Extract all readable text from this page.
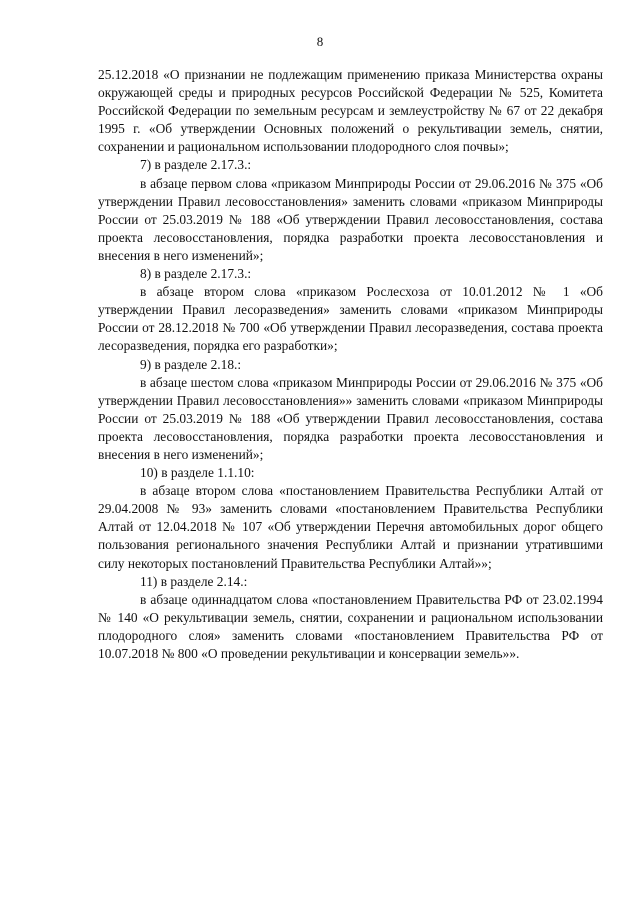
8

25.12.2018 «О признании не подлежащим применению приказа Министерства охраны окружающей среды и природных ресурсов Российской Федерации № 525, Комитета Российской Федерации по земельным ресурсам и землеустройству № 67 от 22 декабря 1995 г. «Об утверждении Основных положений о рекультивации земель, снятии, сохранении и рациональном использовании плодородного слоя почвы»;

7) в разделе 2.17.3.:

в абзаце первом слова «приказом Минприроды России от 29.06.2016 № 375 «Об утверждении Правил лесовосстановления» заменить словами «приказом Минприроды России от 25.03.2019 № 188 «Об утверждении Правил лесовосстановления, состава проекта лесовосстановления, порядка разработки проекта лесовосстановления и внесения в него изменений»;

8) в разделе 2.17.3.:

в абзаце втором слова «приказом Рослесхоза от 10.01.2012 № 1 «Об утверждении Правил лесоразведения» заменить словами «приказом Минприроды России от 28.12.2018 № 700 «Об утверждении Правил лесоразведения, состава проекта лесоразведения, порядка его разработки»;

9) в разделе 2.18.:

в абзаце шестом слова «приказом Минприроды России от 29.06.2016 № 375 «Об утверждении Правил лесовосстановления»» заменить словами «приказом Минприроды России от 25.03.2019 № 188 «Об утверждении Правил лесовосстановления, состава проекта лесовосстановления, порядка разработки проекта лесовосстановления и внесения в него изменений»;

10) в разделе 1.1.10:

в абзаце втором слова «постановлением Правительства Республики Алтай от 29.04.2008 № 93» заменить словами «постановлением Правительства Республики Алтай от 12.04.2018 № 107 «Об утверждении Перечня автомобильных дорог общего пользования регионального значения Республики Алтай и признании утратившими силу некоторых постановлений Правительства Республики Алтай»»;

11) в разделе 2.14.:

в абзаце одиннадцатом слова «постановлением Правительства РФ от 23.02.1994 № 140 «О рекультивации земель, снятии, сохранении и рациональном использовании плодородного слоя» заменить словами «постановлением Правительства РФ от 10.07.2018 № 800 «О проведении рекультивации и консервации земель»».
